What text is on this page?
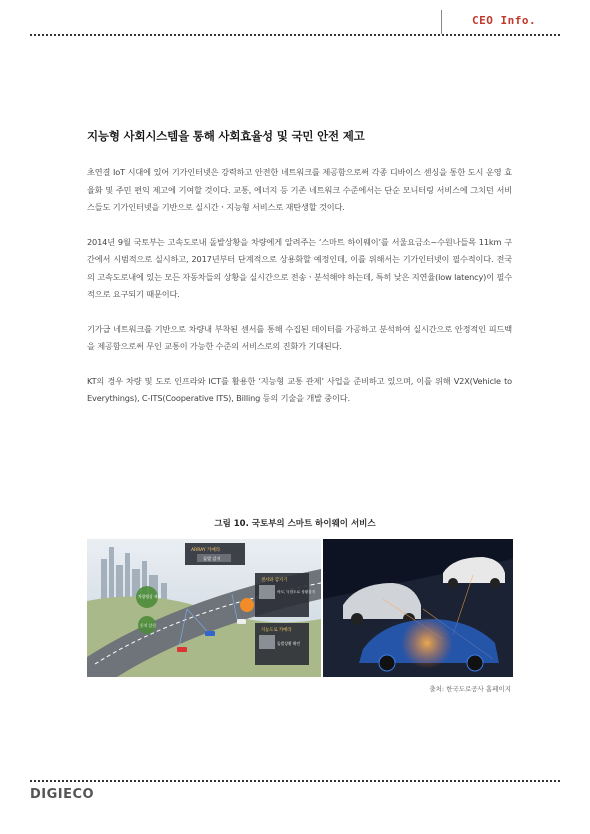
CEO Info.
지능형 사회시스템을 통해 사회효율성 및 국민 안전 제고

초연결 IoT 시대에 있어 기가인터넷은 강력하고 안전한 네트워크를 제공함으로써 각종 디바이스 센싱을 통한 도시 운영 효율화 및 주민 편익 제고에 기여할 것이다. 교통, 에너지 등 기존 네트워크 수준에서는 단순 모니터링 서비스에 그치던 서비스들도 기가인터넷을 기반으로 실시간ㆍ지능형 서비스로 재탄생할 것이다.

2014년 9월 국토부는 고속도로내 돌발상황을 차량에게 알려주는 ‘스마트 하이웨이’를 서울요금소~수원나들목 11km 구간에서 시범적으로 실시하고, 2017년부터 단계적으로 상용화할 예정인데, 이를 위해서는 기가인터넷이 필수적이다. 전국의 고속도로내에 있는 모든 자동차들의 상황을 실시간으로 전송ㆍ분석해야 하는데, 특히 낮은 지연율(low latency)이 필수적으로 요구되기 때문이다.

기가급 네트워크를 기반으로 차량내 부착된 센서를 통해 수집된 데이터를 가공하고 분석하여 실시간으로 안정적인 피드백을 제공함으로써 무인 교통이 가능한 수준의 서비스로의 진화가 기대된다.

KT의 경우 차량 및 도로 인프라와 ICT를 활용한 ‘지능형 교통 관제’ 사업을 준비하고 있으며, 이를 위해 V2X(Vehicle to Everythings), C-ITS(Cooperative ITS), Billing 등의 기술을 개발 중이다.

그림 10. 국토부의 스마트 하이웨이 서비스
ARRAY 카메라
돌발 감지
센서와 감지기
아도, 극한도로 상황감지
지능도로 카메라
돌발상황 확인
차량영상 제공
동지 알림
출처: 한국도로공사 홈페이지
DIGIECO
